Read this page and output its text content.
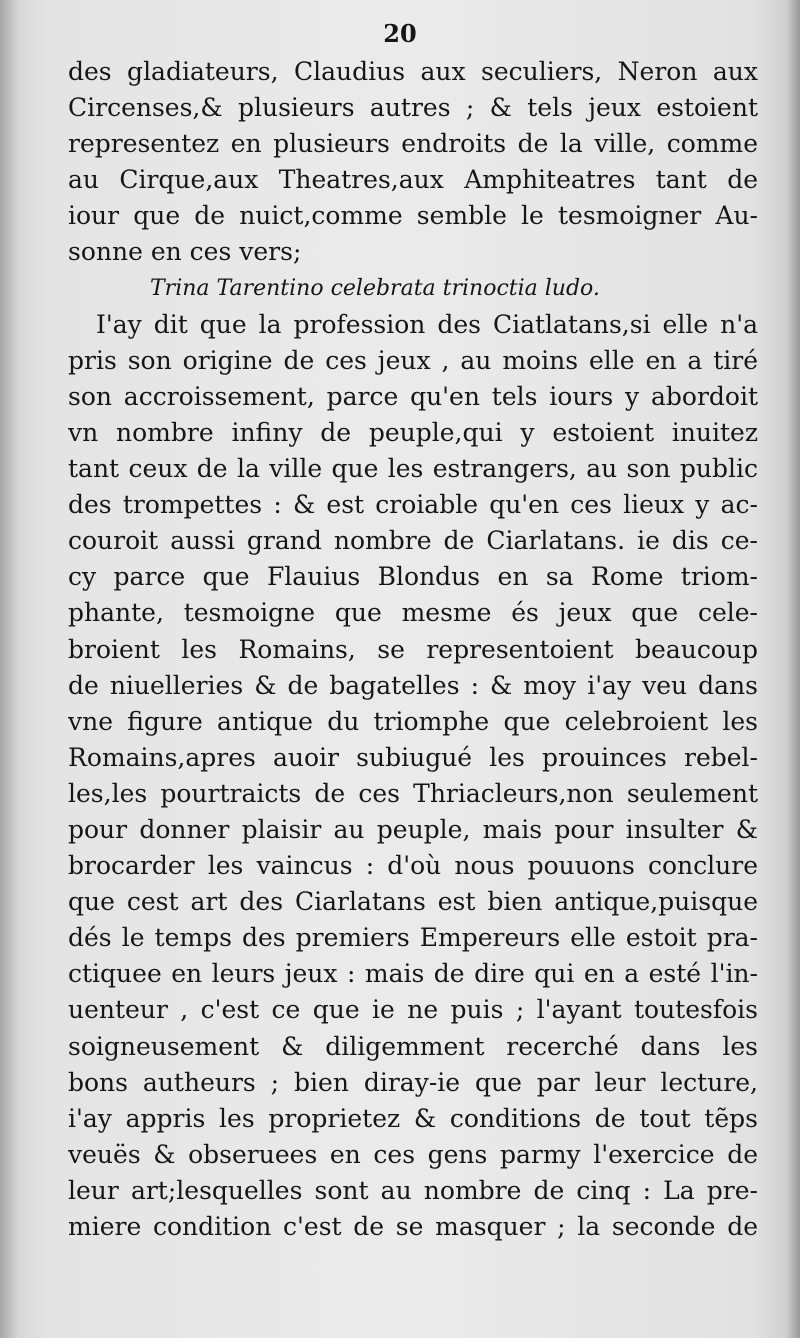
20
des gladiateurs, Claudius aux seculiers, Neron aux
Circenses,& plusieurs autres ; & tels jeux estoient
representez en plusieurs endroits de la ville, comme
au Cirque,aux Theatres,aux Amphiteatres tant de
iour que de nuict,comme semble le tesmoigner Au-
sonne en ces vers;
Trina Tarentino celebrata trinoctia ludo.
I'ay dit que la profession des Ciatlatans,si elle n'a
pris son origine de ces jeux , au moins elle en a tiré
son accroissement, parce qu'en tels iours y abordoit
vn nombre infiny de peuple,qui y estoient inuitez
tant ceux de la ville que les estrangers, au son public
des trompettes : & est croiable qu'en ces lieux y ac-
couroit aussi grand nombre de Ciarlatans. ie dis ce-
cy parce que Flauius Blondus en sa Rome triom-
phante, tesmoigne que mesme és jeux que cele-
broient les Romains, se representoient beaucoup
de niuelleries & de bagatelles : & moy i'ay veu dans
vne figure antique du triomphe que celebroient les
Romains,apres auoir subiugué les prouinces rebel-
les,les pourtraicts de ces Thriacleurs,non seulement
pour donner plaisir au peuple, mais pour insulter &
brocarder les vaincus : d'où nous pouuons conclure
que cest art des Ciarlatans est bien antique,puisque
dés le temps des premiers Empereurs elle estoit pra-
ctiquee en leurs jeux : mais de dire qui en a esté l'in-
uenteur , c'est ce que ie ne puis ; l'ayant toutesfois
soigneusement & diligemment recerché dans les
bons autheurs ; bien diray-ie que par leur lecture,
i'ay appris les proprietez & conditions de tout tẽps
veuës & obseruees en ces gens parmy l'exercice de
leur art;lesquelles sont au nombre de cinq : La pre-
miere condition c'est de se masquer ; la seconde de
